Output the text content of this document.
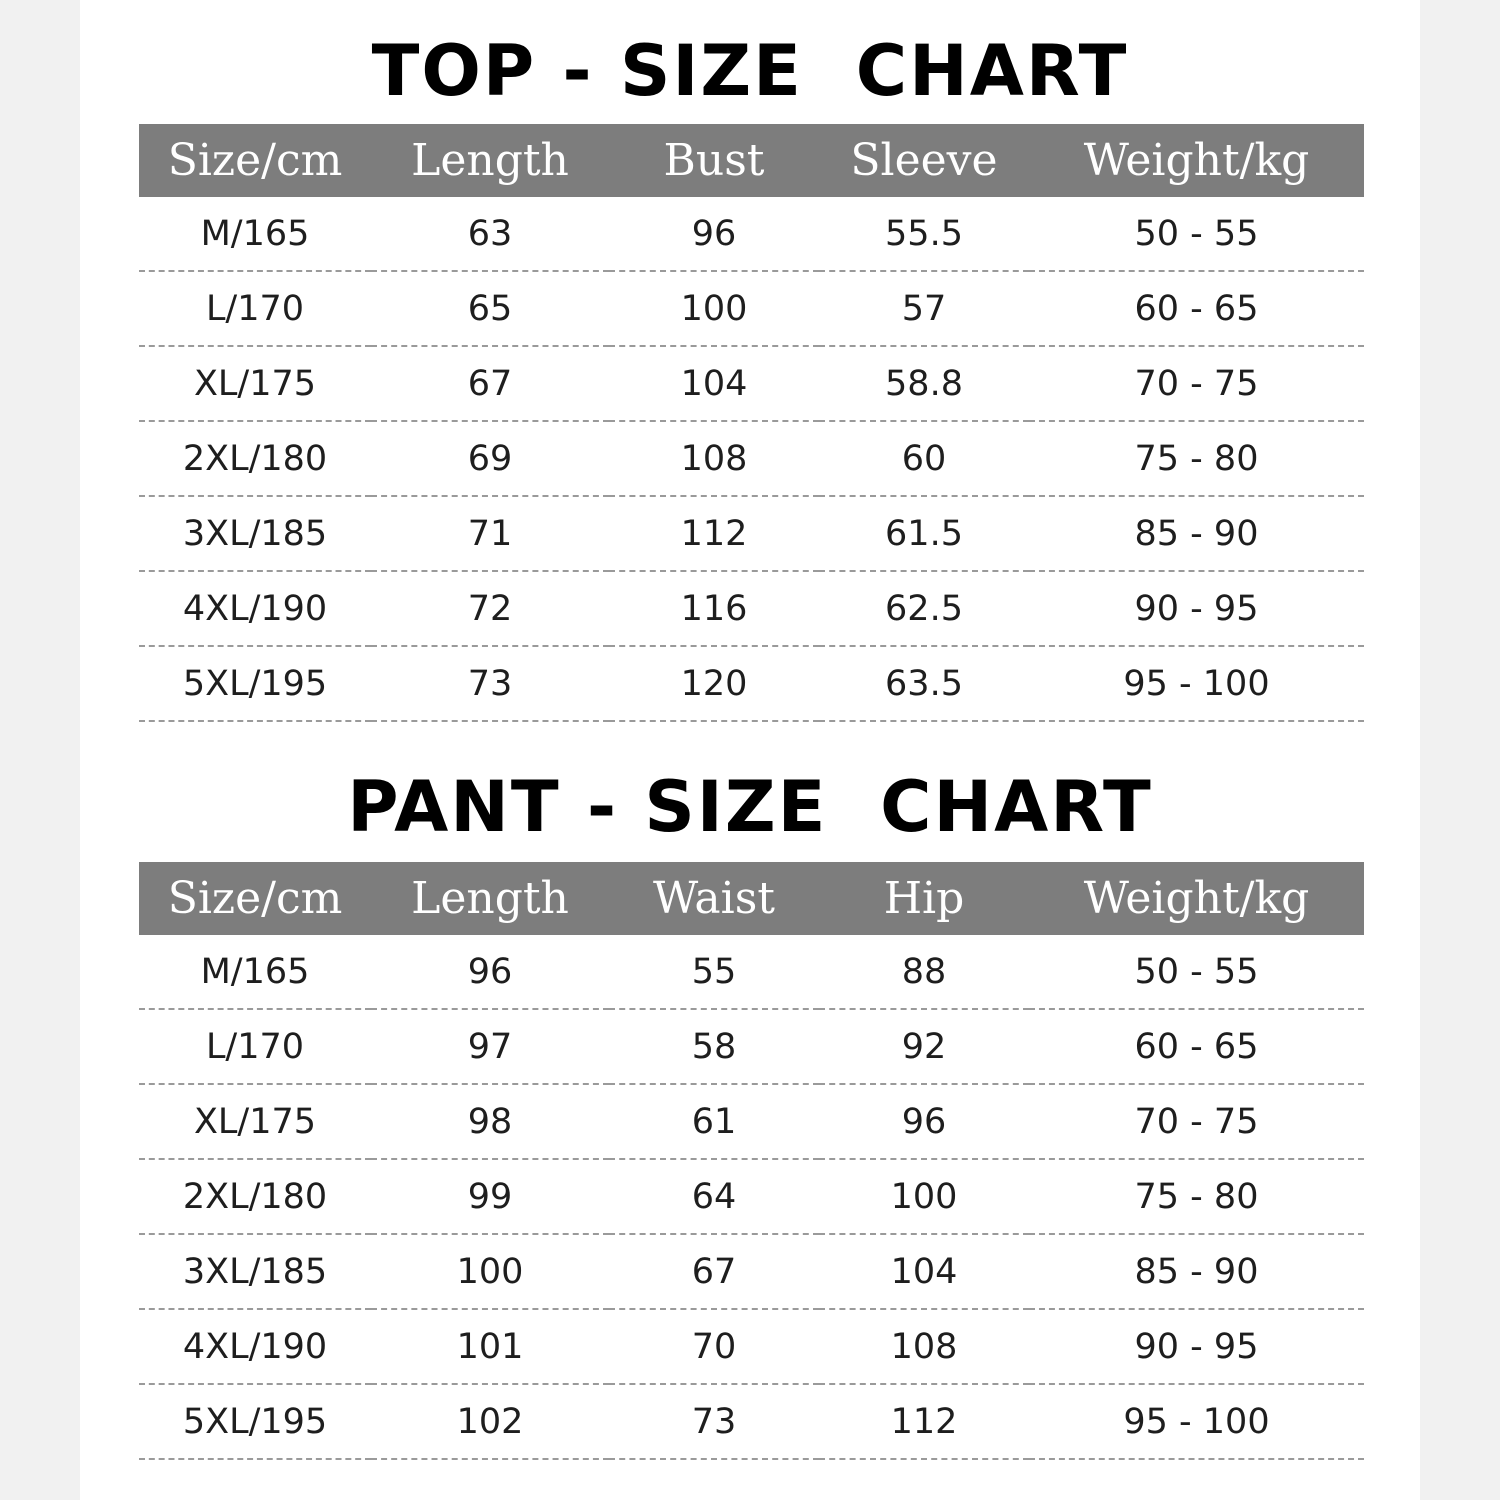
TOP - SIZE  CHART
Size/cm	Length	Bust	Sleeve	Weight/kg
M/165	63	96	55.5	50 - 55
L/170	65	100	57	60 - 65
XL/175	67	104	58.8	70 - 75
2XL/180	69	108	60	75 - 80
3XL/185	71	112	61.5	85 - 90
4XL/190	72	116	62.5	90 - 95
5XL/195	73	120	63.5	95 - 100
PANT - SIZE  CHART
Size/cm	Length	Waist	Hip	Weight/kg
M/165	96	55	88	50 - 55
L/170	97	58	92	60 - 65
XL/175	98	61	96	70 - 75
2XL/180	99	64	100	75 - 80
3XL/185	100	67	104	85 - 90
4XL/190	101	70	108	90 - 95
5XL/195	102	73	112	95 - 100
